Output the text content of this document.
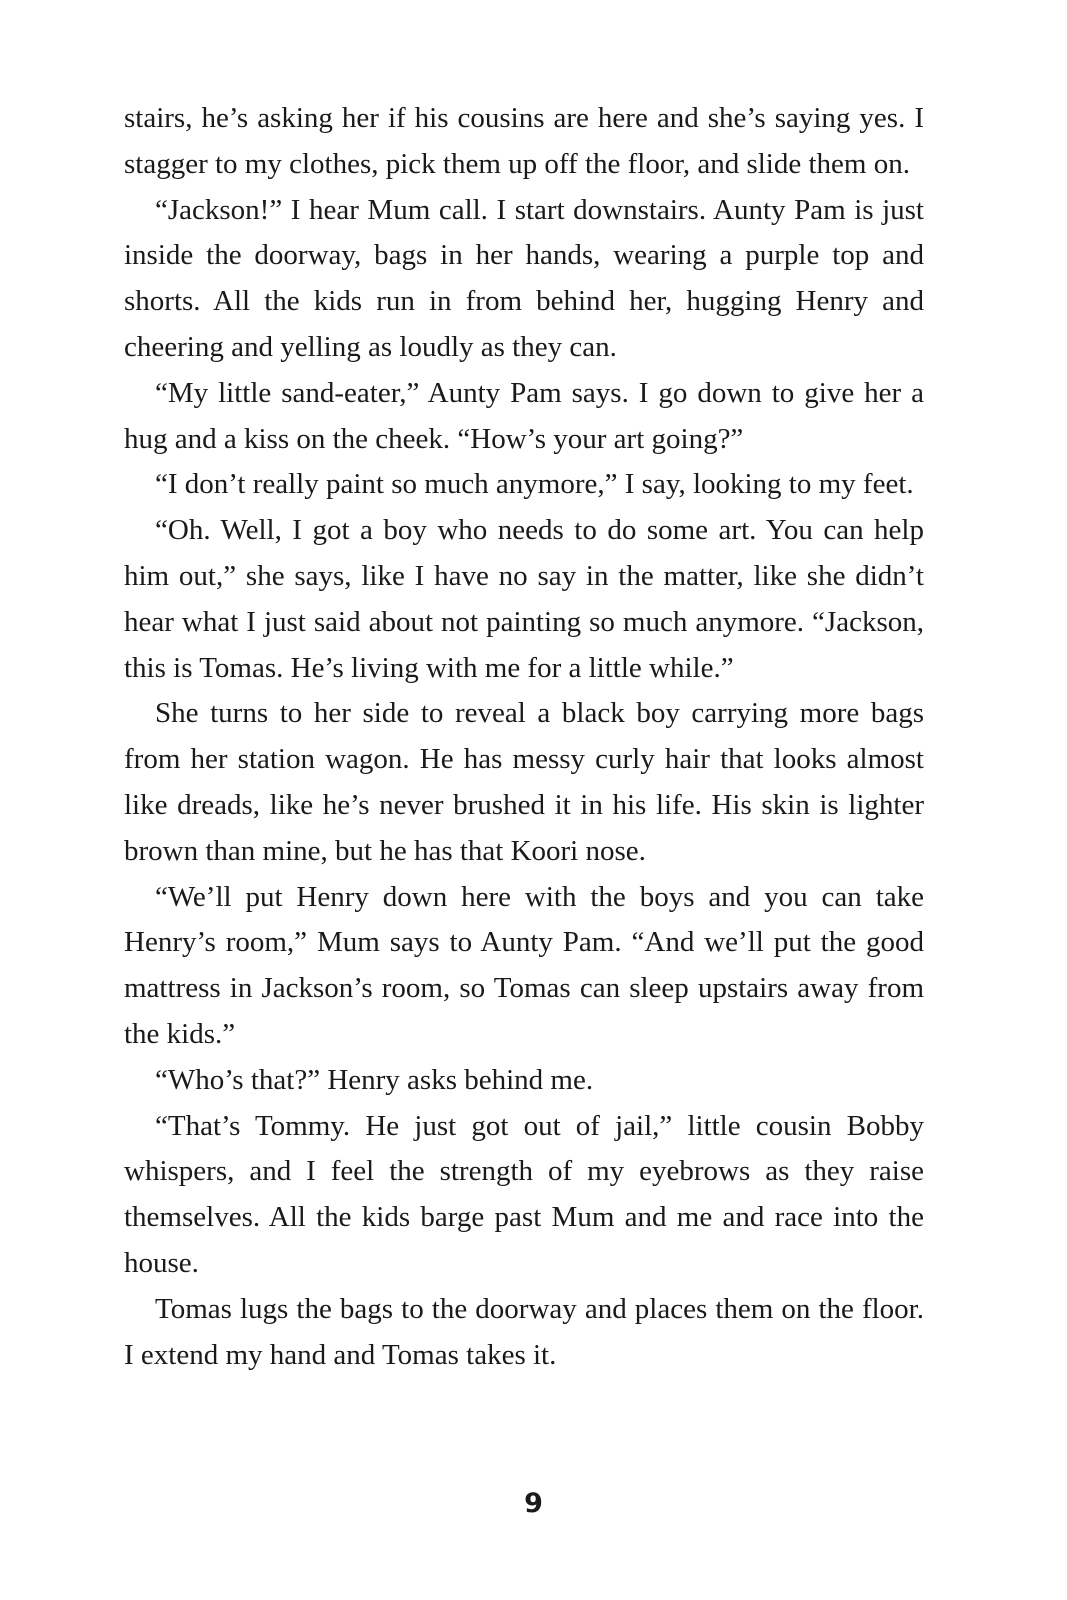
stairs, he’s asking her if his cousins are here and she’s saying yes. I stagger to my clothes, pick them up off the floor, and slide them on.

“Jackson!” I hear Mum call. I start downstairs. Aunty Pam is just inside the doorway, bags in her hands, wearing a purple top and shorts. All the kids run in from behind her, hugging Henry and cheering and yelling as loudly as they can.

“My little sand-eater,” Aunty Pam says. I go down to give her a hug and a kiss on the cheek. “How’s your art going?”

“I don’t really paint so much anymore,” I say, looking to my feet.

“Oh. Well, I got a boy who needs to do some art. You can help him out,” she says, like I have no say in the matter, like she didn’t hear what I just said about not painting so much anymore. “Jackson, this is Tomas. He’s living with me for a little while.”

She turns to her side to reveal a black boy carrying more bags from her station wagon. He has messy curly hair that looks almost like dreads, like he’s never brushed it in his life. His skin is lighter brown than mine, but he has that Koori nose.

“We’ll put Henry down here with the boys and you can take Henry’s room,” Mum says to Aunty Pam. “And we’ll put the good mattress in Jackson’s room, so Tomas can sleep upstairs away from the kids.”

“Who’s that?” Henry asks behind me.

“That’s Tommy. He just got out of jail,” little cousin Bobby whispers, and I feel the strength of my eyebrows as they raise themselves. All the kids barge past Mum and me and race into the house.

Tomas lugs the bags to the doorway and places them on the floor. I extend my hand and Tomas takes it.

9
